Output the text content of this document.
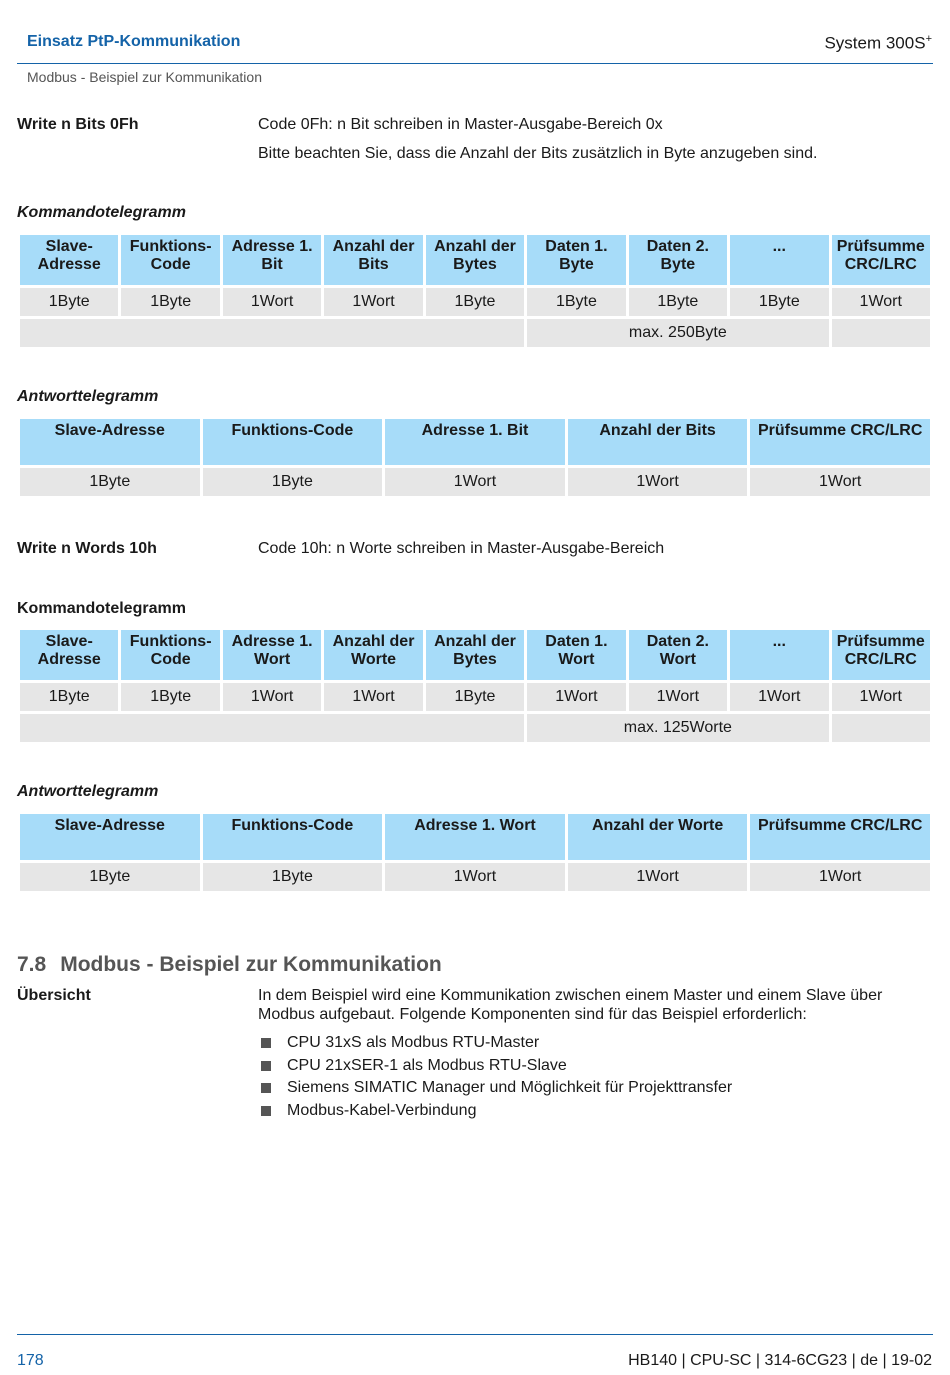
Einsatz PtP-Kommunikation	System 300S+
Modbus - Beispiel zur Kommunikation
Write n Bits 0Fh	Code 0Fh: n Bit schreiben in Master-Ausgabe-Bereich 0x
Bitte beachten Sie, dass die Anzahl der Bits zusätzlich in Byte anzugeben sind.
Kommandotelegramm
Slave-Adresse	Funktions-Code	Adresse 1. Bit	Anzahl der Bits	Anzahl der Bytes	Daten 1. Byte	Daten 2. Byte	...	Prüfsumme CRC/LRC
1Byte	1Byte	1Wort	1Wort	1Byte	1Byte	1Byte	1Byte	1Wort
					max. 250Byte			
Antworttelegramm
Slave-Adresse	Funktions-Code	Adresse 1. Bit	Anzahl der Bits	Prüfsumme CRC/LRC
1Byte	1Byte	1Wort	1Wort	1Wort
Write n Words 10h	Code 10h: n Worte schreiben in Master-Ausgabe-Bereich
Kommandotelegramm
Slave-Adresse	Funktions-Code	Adresse 1. Wort	Anzahl der Worte	Anzahl der Bytes	Daten 1. Wort	Daten 2. Wort	...	Prüfsumme CRC/LRC
1Byte	1Byte	1Wort	1Wort	1Byte	1Wort	1Wort	1Wort	1Wort
					max. 125Worte			
Antworttelegramm
Slave-Adresse	Funktions-Code	Adresse 1. Wort	Anzahl der Worte	Prüfsumme CRC/LRC
1Byte	1Byte	1Wort	1Wort	1Wort
7.8 Modbus - Beispiel zur Kommunikation
Übersicht	In dem Beispiel wird eine Kommunikation zwischen einem Master und einem Slave über Modbus aufgebaut. Folgende Komponenten sind für das Beispiel erforderlich:
CPU 31xS als Modbus RTU-Master
CPU 21xSER-1 als Modbus RTU-Slave
Siemens SIMATIC Manager und Möglichkeit für Projekttransfer
Modbus-Kabel-Verbindung
178	HB140 | CPU-SC | 314-6CG23 | de | 19-02
